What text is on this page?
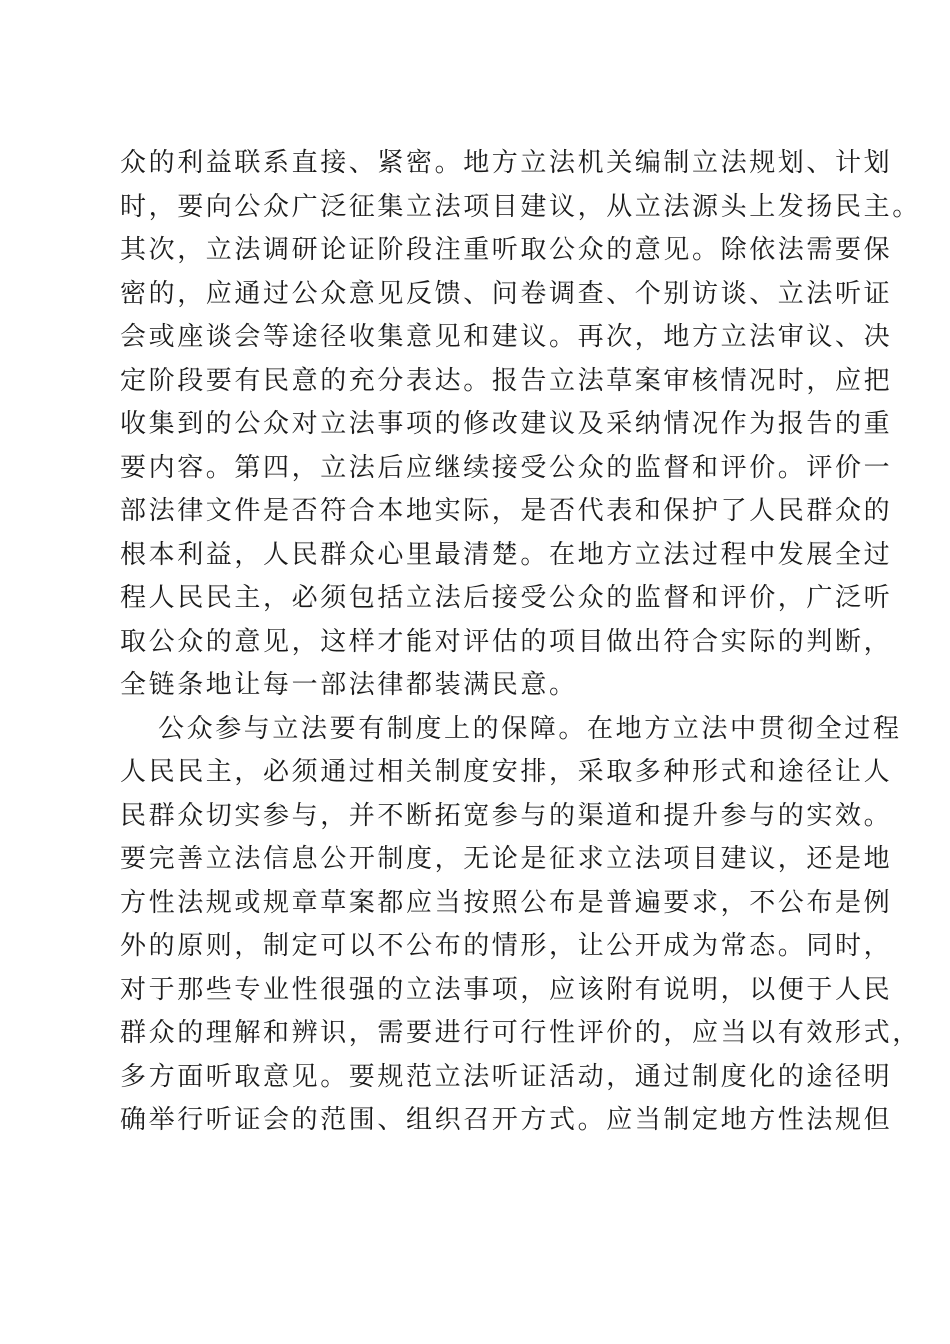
众的利益联系直接、紧密。地方立法机关编制立法规划、计划
时，要向公众广泛征集立法项目建议，从立法源头上发扬民主。
其次，立法调研论证阶段注重听取公众的意见。除依法需要保
密的，应通过公众意见反馈、问卷调查、个别访谈、立法听证
会或座谈会等途径收集意见和建议。再次，地方立法审议、决
定阶段要有民意的充分表达。报告立法草案审核情况时，应把
收集到的公众对立法事项的修改建议及采纳情况作为报告的重
要内容。第四，立法后应继续接受公众的监督和评价。评价一
部法律文件是否符合本地实际，是否代表和保护了人民群众的
根本利益，人民群众心里最清楚。在地方立法过程中发展全过
程人民民主，必须包括立法后接受公众的监督和评价，广泛听
取公众的意见，这样才能对评估的项目做出符合实际的判断，
全链条地让每一部法律都装满民意。
公众参与立法要有制度上的保障。在地方立法中贯彻全过程
人民民主，必须通过相关制度安排，采取多种形式和途径让人
民群众切实参与，并不断拓宽参与的渠道和提升参与的实效。
要完善立法信息公开制度，无论是征求立法项目建议，还是地
方性法规或规章草案都应当按照公布是普遍要求，不公布是例
外的原则，制定可以不公布的情形，让公开成为常态。同时，
对于那些专业性很强的立法事项，应该附有说明，以便于人民
群众的理解和辨识，需要进行可行性评价的，应当以有效形式，
多方面听取意见。要规范立法听证活动，通过制度化的途径明
确举行听证会的范围、组织召开方式。应当制定地方性法规但
